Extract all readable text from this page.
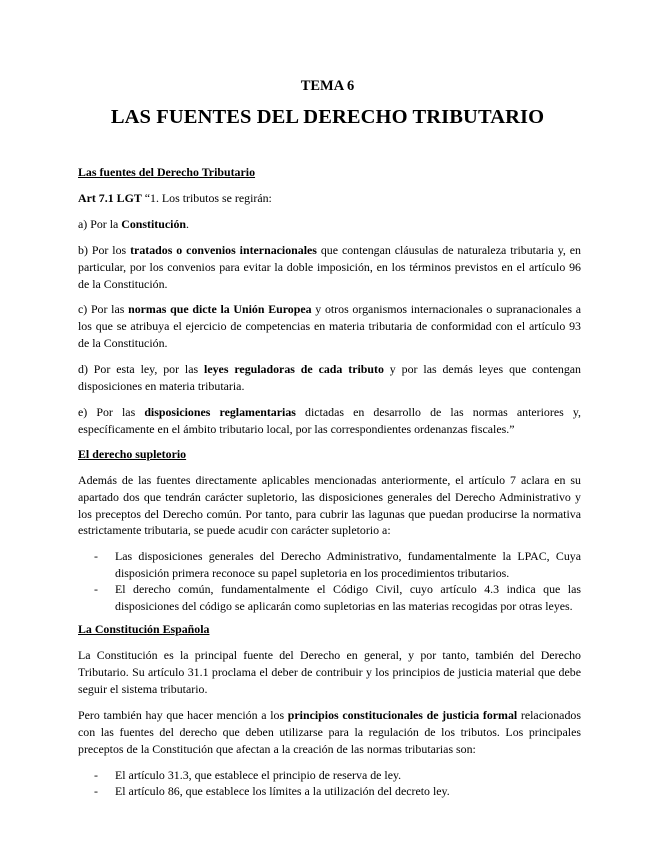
TEMA 6
LAS FUENTES DEL DERECHO TRIBUTARIO
Las fuentes del Derecho Tributario

Art 7.1 LGT “1. Los tributos se regirán:

a) Por la Constitución.

b) Por los tratados o convenios internacionales que contengan cláusulas de naturaleza tributaria y, en particular, por los convenios para evitar la doble imposición, en los términos previstos en el artículo 96 de la Constitución.

c) Por las normas que dicte la Unión Europea y otros organismos internacionales o supranacionales a los que se atribuya el ejercicio de competencias en materia tributaria de conformidad con el artículo 93 de la Constitución.

d) Por esta ley, por las leyes reguladoras de cada tributo y por las demás leyes que contengan disposiciones en materia tributaria.

e) Por las disposiciones reglamentarias dictadas en desarrollo de las normas anteriores y, específicamente en el ámbito tributario local, por las correspondientes ordenanzas fiscales.”

El derecho supletorio

Además de las fuentes directamente aplicables mencionadas anteriormente, el artículo 7 aclara en su apartado dos que tendrán carácter supletorio, las disposiciones generales del Derecho Administrativo y los preceptos del Derecho común. Por tanto, para cubrir las lagunas que puedan producirse la normativa estrictamente tributaria, se puede acudir con carácter supletorio a:

- Las disposiciones generales del Derecho Administrativo, fundamentalmente la LPAC, Cuya disposición primera reconoce su papel supletoria en los procedimientos tributarios.
- El derecho común, fundamentalmente el Código Civil, cuyo artículo 4.3 indica que las disposiciones del código se aplicarán como supletorias en las materias recogidas por otras leyes.
La Constitución Española

La Constitución es la principal fuente del Derecho en general, y por tanto, también del Derecho Tributario. Su artículo 31.1 proclama el deber de contribuir y los principios de justicia material que debe seguir el sistema tributario.

Pero también hay que hacer mención a los principios constitucionales de justicia formal relacionados con las fuentes del derecho que deben utilizarse para la regulación de los tributos. Los principales preceptos de la Constitución que afectan a la creación de las normas tributarias son:

- El artículo 31.3, que establece el principio de reserva de ley.
- El artículo 86, que establece los límites a la utilización del decreto ley.
